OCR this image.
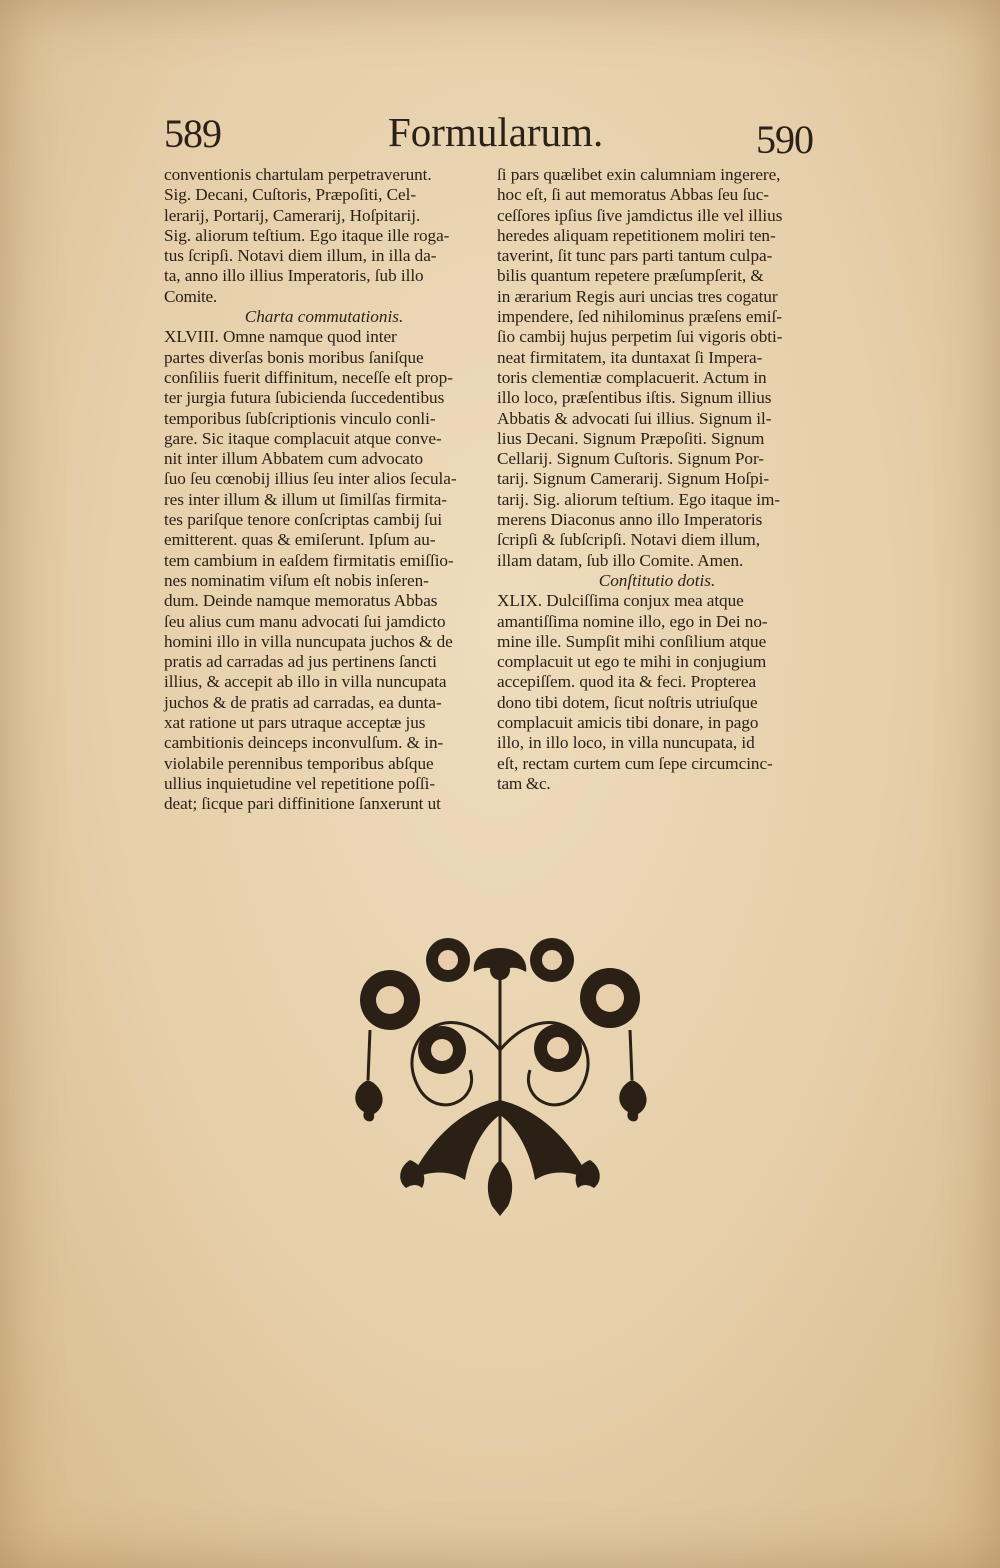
589	Formularum.	590
conventionis chartulam perpetraverunt.
Sig. Decani, Cuſtoris, Præpoſiti, Cel-
lerarij, Portarij, Camerarij, Hoſpitarij.
Sig. aliorum teſtium. Ego itaque ille roga-
tus ſcripſi. Notavi diem illum, in illa da-
ta, anno illo illius Imperatoris, ſub illo
Comite.
Charta commutationis.
XLVIII. Omne namque quod inter
partes diverſas bonis moribus ſaniſque
conſiliis fuerit diffinitum, neceſſe eſt prop-
ter jurgia futura ſubicienda ſuccedentibus
temporibus ſubſcriptionis vinculo conli-
gare. Sic itaque complacuit atque conve-
nit inter illum Abbatem cum advocato
ſuo ſeu cœnobij illius ſeu inter alios ſecula-
res inter illum & illum ut ſimilſas firmita-
tes pariſque tenore conſcriptas cambij ſui
emitterent. quas & emiſerunt. Ipſum au-
tem cambium in eaſdem firmitatis emiſſio-
nes nominatim viſum eſt nobis inſeren-
dum. Deinde namque memoratus Abbas
ſeu alius cum manu advocati ſui jamdicto
homini illo in villa nuncupata juchos & de
pratis ad carradas ad jus pertinens ſancti
illius, & accepit ab illo in villa nuncupata
juchos & de pratis ad carradas, ea dunta-
xat ratione ut pars utraque acceptæ jus
cambitionis deinceps inconvulſum. & in-
violabile perennibus temporibus abſque
ullius inquietudine vel repetitione poſſi-
deat; ſicque pari diffinitione ſanxerunt ut
ſi pars quælibet exin calumniam ingerere,
hoc eſt, ſi aut memoratus Abbas ſeu ſuc-
ceſſores ipſius ſive jamdictus ille vel illius
heredes aliquam repetitionem moliri ten-
taverint, ſit tunc pars parti tantum culpa-
bilis quantum repetere præſumpſerit, &
in ærarium Regis auri uncias tres cogatur
impendere, ſed nihilominus præſens emiſ-
ſio cambij hujus perpetim ſui vigoris obti-
neat firmitatem, ita duntaxat ſi Impera-
toris clementiæ complacuerit. Actum in
illo loco, præſentibus iſtis. Signum illius
Abbatis & advocati ſui illius. Signum il-
lius Decani. Signum Præpoſiti. Signum
Cellarij. Signum Cuſtoris. Signum Por-
tarij. Signum Camerarij. Signum Hoſpi-
tarij. Sig. aliorum teſtium. Ego itaque im-
merens Diaconus anno illo Imperatoris
ſcripſi & ſubſcripſi. Notavi diem illum,
illam datam, ſub illo Comite. Amen.
Conſtitutio dotis.
XLIX. Dulciſſima conjux mea atque
amantiſſima nomine illo, ego in Dei no-
mine ille. Sumpſit mihi conſilium atque
complacuit ut ego te mihi in conjugium
accepiſſem. quod ita & feci. Propterea
dono tibi dotem, ſicut noſtris utriuſque
complacuit amicis tibi donare, in pago
illo, in illo loco, in villa nuncupata, id
eſt, rectam curtem cum ſepe circumcinc-
tam &c.
